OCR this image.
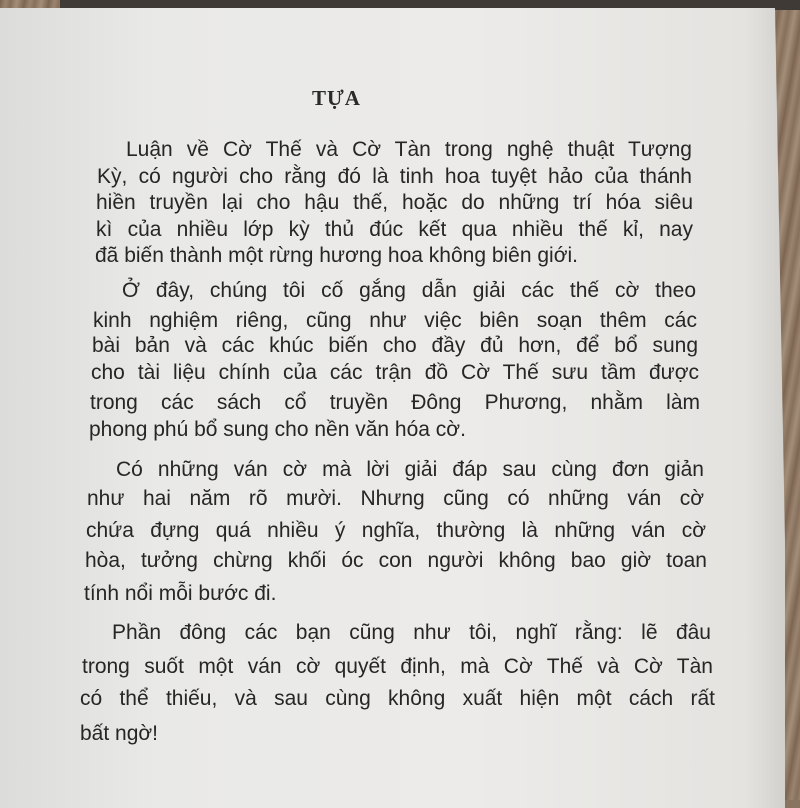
TỰA
Luận về Cờ Thế và Cờ Tàn trong nghệ thuật Tượng
Kỳ, có người cho rằng đó là tinh hoa tuyệt hảo của thánh
hiền truyền lại cho hậu thế, hoặc do những trí hóa siêu
kì của nhiều lớp kỳ thủ đúc kết qua nhiều thế kỉ, nay
đã biến thành một rừng hương hoa không biên giới.
Ở đây, chúng tôi cố gắng dẫn giải các thế cờ theo
kinh nghiệm riêng, cũng như việc biên soạn thêm các
bài bản và các khúc biến cho đầy đủ hơn, để bổ sung
cho tài liệu chính của các trận đồ Cờ Thế sưu tầm được
trong các sách cổ truyền Đông Phương, nhằm làm
phong phú bổ sung cho nền văn hóa cờ.
Có những ván cờ mà lời giải đáp sau cùng đơn giản
như hai năm rõ mười. Nhưng cũng có những ván cờ
chứa đựng quá nhiều ý nghĩa, thường là những ván cờ
hòa, tưởng chừng khối óc con người không bao giờ toan
tính nổi mỗi bước đi.
Phần đông các bạn cũng như tôi, nghĩ rằng: lẽ đâu
trong suốt một ván cờ quyết định, mà Cờ Thế và Cờ Tàn
có thể thiếu, và sau cùng không xuất hiện một cách rất
bất ngờ!
